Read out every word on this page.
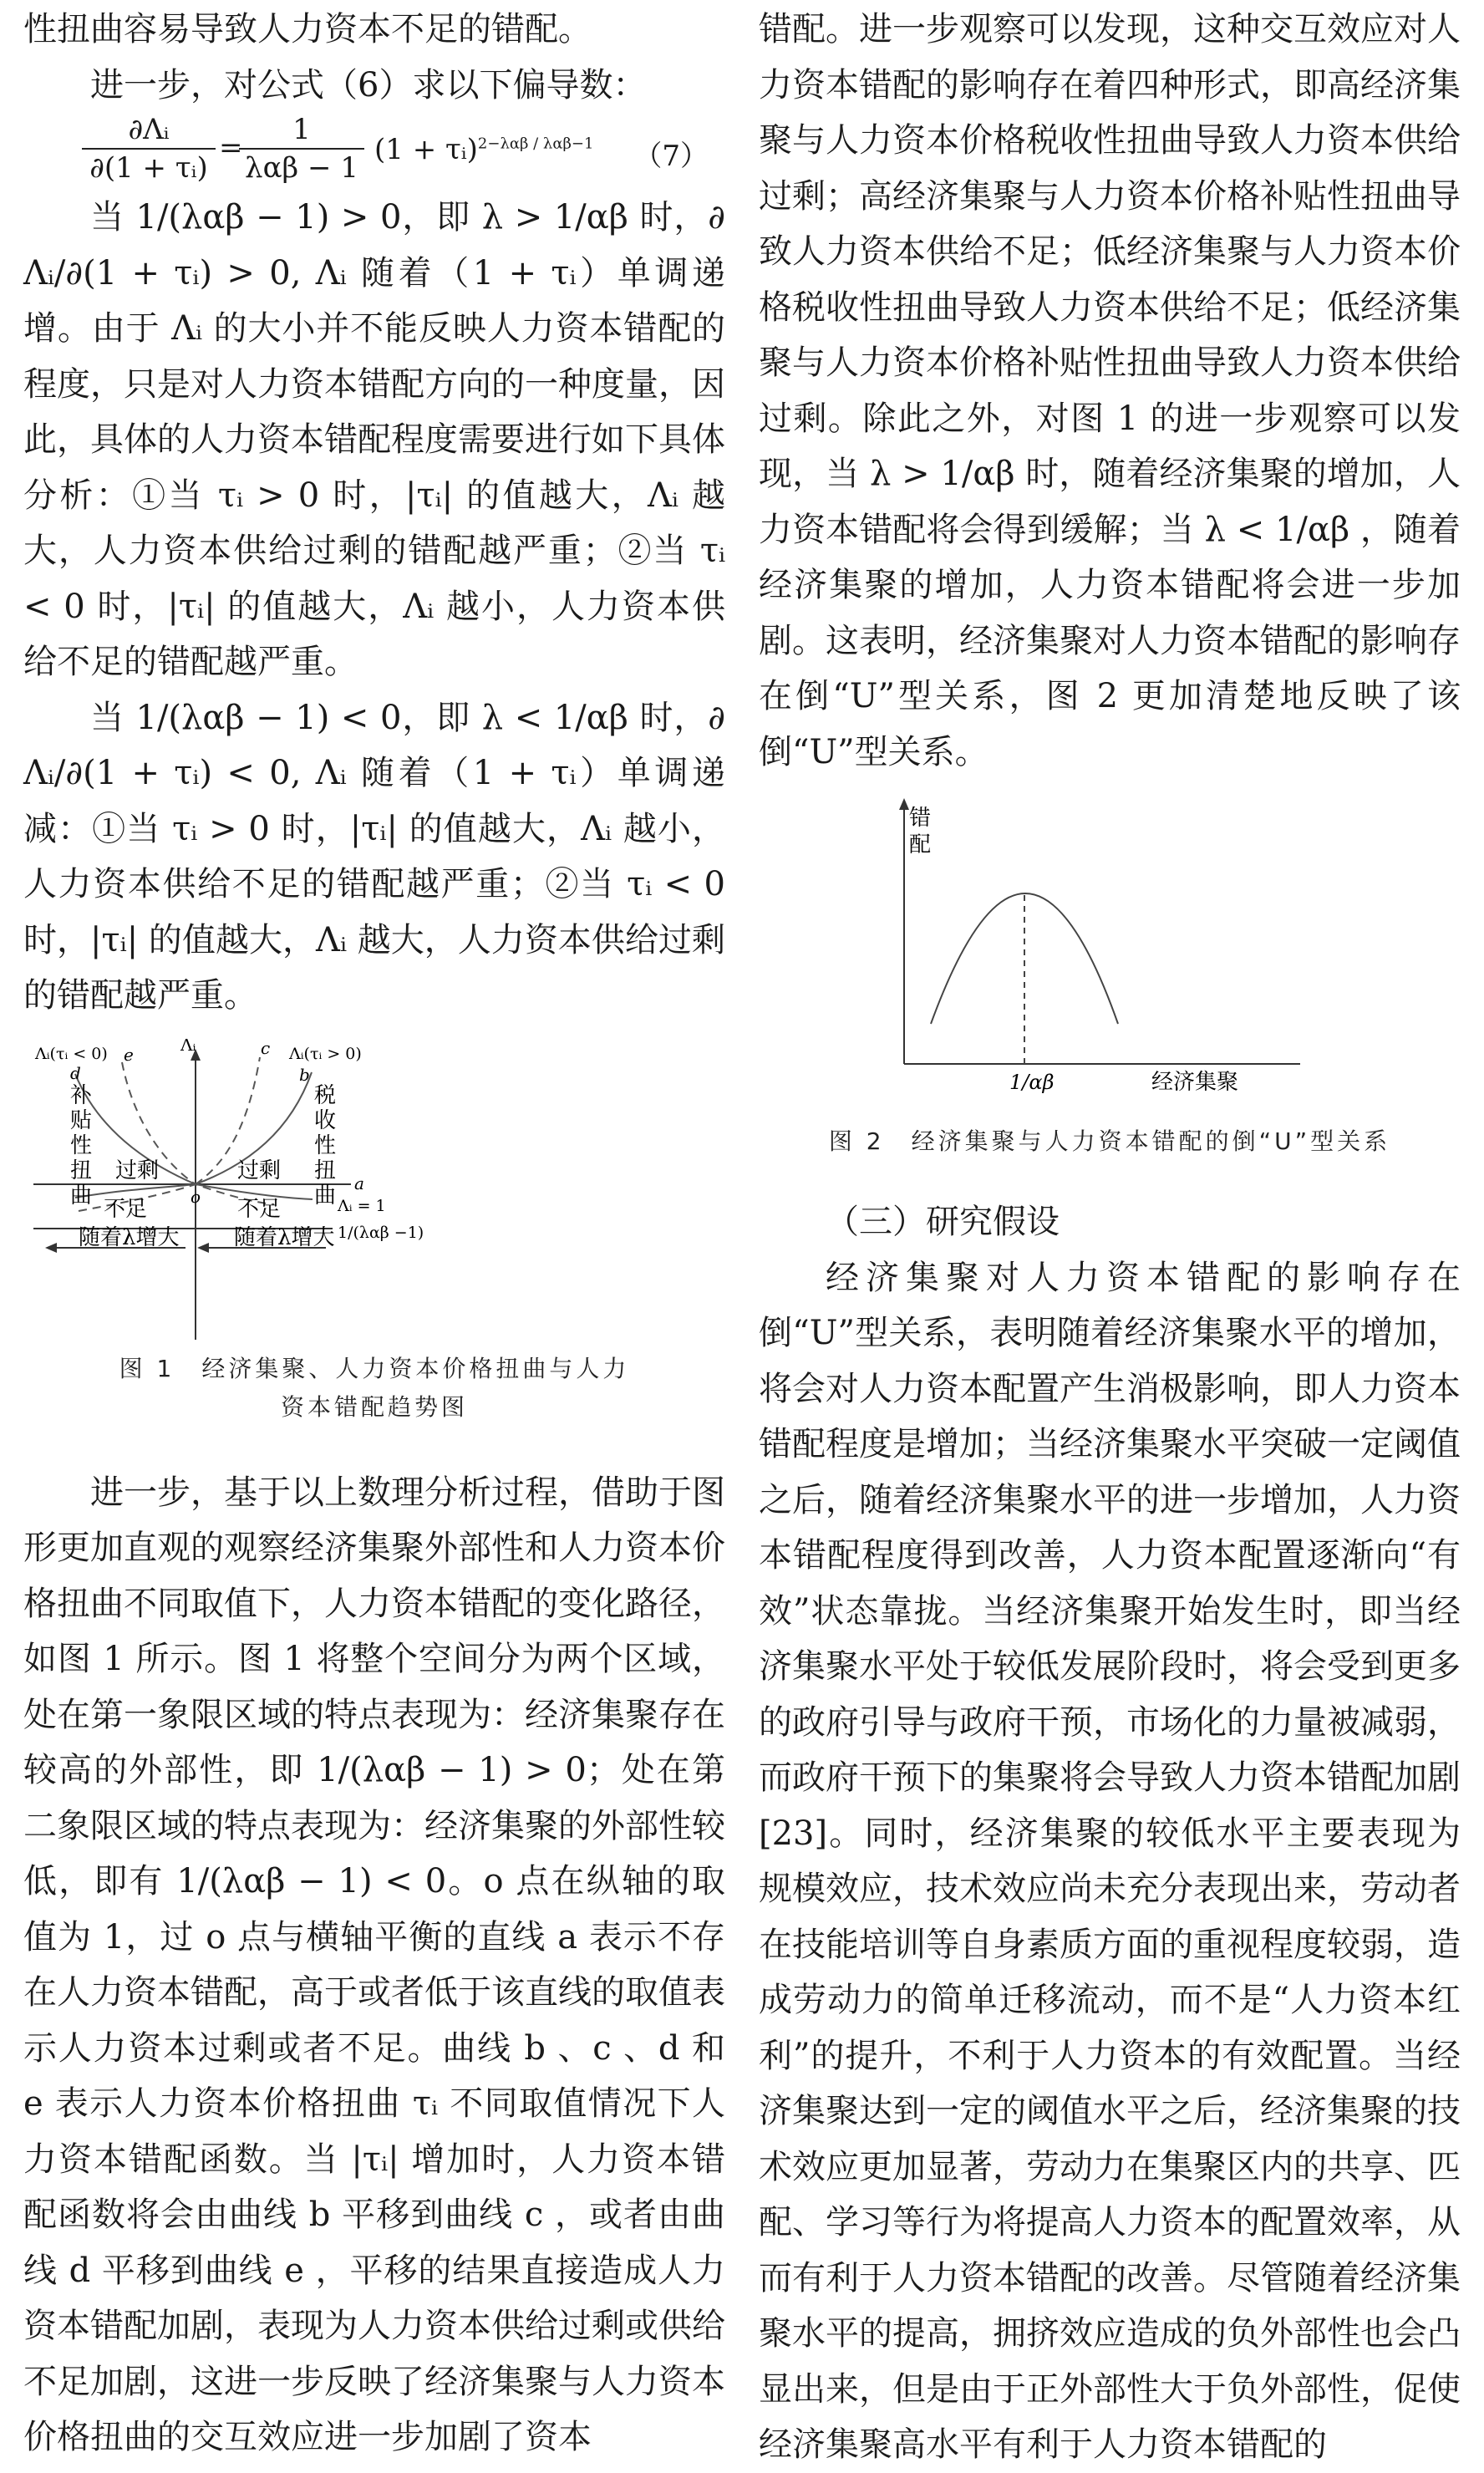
性扭曲容易导致人力资本不足的错配。

进一步，对公式（6）求以下偏导数：

∂Λᵢ
∂(1 + τᵢ)
=
1
λαβ − 1
(1 + τᵢ)$^{2-\lambda\alpha\beta / \lambda\alpha\beta-1}$ （7）

当 1/(λαβ − 1) > 0，即 λ > 1/αβ 时，∂Λᵢ/∂(1 + τᵢ) > 0, Λᵢ 随着（1 + τᵢ）单调递增。由于 Λᵢ 的大小并不能反映人力资本错配的程度，只是对人力资本错配方向的一种度量，因此，具体的人力资本错配程度需要进行如下具体分析：①当 τᵢ > 0 时，|τᵢ| 的值越大，Λᵢ 越大，人力资本供给过剩的错配越严重；②当 τᵢ < 0 时，|τᵢ| 的值越大，Λᵢ 越小，人力资本供给不足的错配越严重。

当 1/(λαβ − 1) < 0，即 λ < 1/αβ 时，∂Λᵢ/∂(1 + τᵢ) < 0, Λᵢ 随着（1 + τᵢ）单调递减：①当 τᵢ > 0 时，|τᵢ| 的值越大，Λᵢ 越小，人力资本供给不足的错配越严重；②当 τᵢ < 0 时，|τᵢ| 的值越大，Λᵢ 越大，人力资本供给过剩的错配越严重。

Λᵢ(τᵢ < 0)	Λᵢ(τᵢ > 0)
Λᵢ
e
d
c
b
a
o	Λᵢ = 1
1/(λαβ −1)
补
贴
性
扭
曲
税
收
性
扭
曲
过剩	过剩
不足	不足
随着λ增大	随着λ增大

图 1　经济集聚、人力资本价格扭曲与人力

资本错配趋势图

进一步，基于以上数理分析过程，借助于图形更加直观的观察经济集聚外部性和人力资本价格扭曲不同取值下，人力资本错配的变化路径，如图 1 所示。图 1 将整个空间分为两个区域，处在第一象限区域的特点表现为：经济集聚存在较高的外部性，即 1/(λαβ − 1) > 0；处在第二象限区域的特点表现为：经济集聚的外部性较低，即有 1/(λαβ − 1) < 0。o 点在纵轴的取值为 1，过 o 点与横轴平衡的直线 a 表示不存在人力资本错配，高于或者低于该直线的取值表示人力资本过剩或者不足。曲线 b 、c 、d 和 e 表示人力资本价格扭曲 τᵢ 不同取值情况下人力资本错配函数。当 |τᵢ| 增加时，人力资本错配函数将会由曲线 b 平移到曲线 c ，或者由曲线 d 平移到曲线 e ，平移的结果直接造成人力资本错配加剧，表现为人力资本供给过剩或供给不足加剧，这进一步反映了经济集聚与人力资本价格扭曲的交互效应进一步加剧了资本

错配。进一步观察可以发现，这种交互效应对人力资本错配的影响存在着四种形式，即高经济集聚与人力资本价格税收性扭曲导致人力资本供给过剩；高经济集聚与人力资本价格补贴性扭曲导致人力资本供给不足；低经济集聚与人力资本价格税收性扭曲导致人力资本供给不足；低经济集聚与人力资本价格补贴性扭曲导致人力资本供给过剩。除此之外，对图 1 的进一步观察可以发现，当 λ > 1/αβ 时，随着经济集聚的增加，人力资本错配将会得到缓解；当 λ < 1/αβ ，随着经济集聚的增加，人力资本错配将会进一步加剧。这表明，经济集聚对人力资本错配的影响存在倒“U”型关系，图 2 更加清楚地反映了该倒“U”型关系。

错
配
1/αβ	经济集聚

图 2　经济集聚与人力资本错配的倒“U”型关系

（三）研究假设

经济集聚对人力资本错配的影响存在倒“U”型关系，表明随着经济集聚水平的增加，将会对人力资本配置产生消极影响，即人力资本错配程度是增加；当经济集聚水平突破一定阈值之后，随着经济集聚水平的进一步增加，人力资本错配程度得到改善，人力资本配置逐渐向“有效”状态靠拢。当经济集聚开始发生时，即当经济集聚水平处于较低发展阶段时，将会受到更多的政府引导与政府干预，市场化的力量被减弱，而政府干预下的集聚将会导致人力资本错配加剧[23]。同时，经济集聚的较低水平主要表现为规模效应，技术效应尚未充分表现出来，劳动者在技能培训等自身素质方面的重视程度较弱，造成劳动力的简单迁移流动，而不是“人力资本红利”的提升，不利于人力资本的有效配置。当经济集聚达到一定的阈值水平之后，经济集聚的技术效应更加显著，劳动力在集聚区内的共享、匹配、学习等行为将提高人力资本的配置效率，从而有利于人力资本错配的改善。尽管随着经济集聚水平的提高，拥挤效应造成的负外部性也会凸显出来，但是由于正外部性大于负外部性，促使经济集聚高水平有利于人力资本错配的
